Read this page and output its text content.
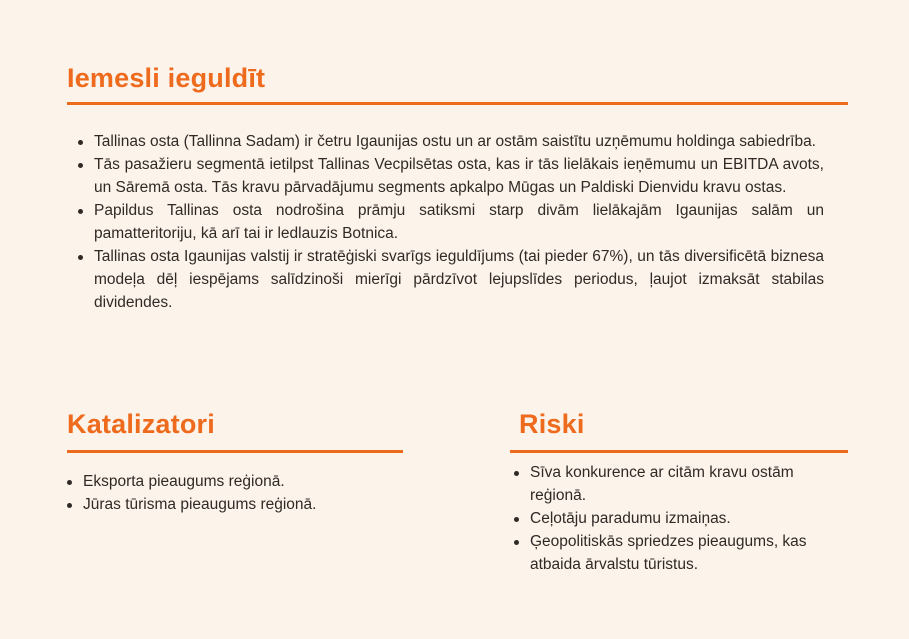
Iemesli ieguldīt
Tallinas osta (Tallinna Sadam) ir četru Igaunijas ostu un ar ostām saistītu uzņēmumu holdinga sabiedrība.
Tās pasažieru segmentā ietilpst Tallinas Vecpilsētas osta, kas ir tās lielākais ieņēmumu un EBITDA avots, un Sāremā osta. Tās kravu pārvadājumu segments apkalpo Mūgas un Paldiski Dienvidu kravu ostas.
Papildus Tallinas osta nodrošina prāmju satiksmi starp divām lielākajām Igaunijas salām un pamatteritoriju, kā arī tai ir ledlauzis Botnica.
Tallinas osta Igaunijas valstij ir stratēģiski svarīgs ieguldījums (tai pieder 67%), un tās diversificētā biznesa modeļa dēļ iespējams salīdzinoši mierīgi pārdzīvot lejupslīdes periodus, ļaujot izmaksāt stabilas dividendes.
Katalizatori
Eksporta pieaugums reģionā.
Jūras tūrisma pieaugums reģionā.
Riski
Sīva konkurence ar citām kravu ostām reģionā.
Ceļotāju paradumu izmaiņas.
Ģeopolitiskās spriedzes pieaugums, kas atbaida ārvalstu tūristus.
